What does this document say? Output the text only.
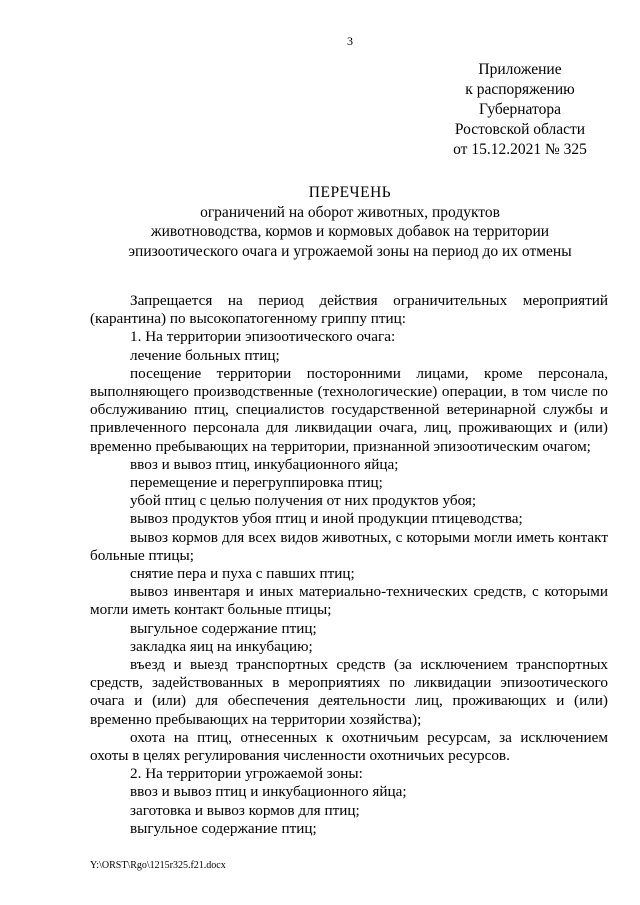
3
Приложение
к распоряжению
Губернатора
Ростовской области
от 15.12.2021 № 325
ПЕРЕЧЕНЬ
ограничений на оборот животных, продуктов
животноводства, кормов и кормовых добавок на территории
эпизоотического очага и угрожаемой зоны на период до их отмены

Запрещается на период действия ограничительных мероприятий (карантина) по высокопатогенному гриппу птиц:

1. На территории эпизоотического очага:

лечение больных птиц;

посещение территории посторонними лицами, кроме персонала, выполняющего производственные (технологические) операции, в том числе по обслуживанию птиц, специалистов государственной ветеринарной службы и привлеченного персонала для ликвидации очага, лиц, проживающих и (или) временно пребывающих на территории, признанной эпизоотическим очагом;

ввоз и вывоз птиц, инкубационного яйца;

перемещение и перегруппировка птиц;

убой птиц с целью получения от них продуктов убоя;

вывоз продуктов убоя птиц и иной продукции птицеводства;

вывоз кормов для всех видов животных, с которыми могли иметь контакт больные птицы;

снятие пера и пуха с павших птиц;

вывоз инвентаря и иных материально-технических средств, с которыми могли иметь контакт больные птицы;

выгульное содержание птиц;

закладка яиц на инкубацию;

въезд и выезд транспортных средств (за исключением транспортных средств, задействованных в мероприятиях по ликвидации эпизоотического очага и (или) для обеспечения деятельности лиц, проживающих и (или) временно пребывающих на территории хозяйства);

охота на птиц, отнесенных к охотничьим ресурсам, за исключением охоты в целях регулирования численности охотничьих ресурсов.

2. На территории угрожаемой зоны:

ввоз и вывоз птиц и инкубационного яйца;

заготовка и вывоз кормов для птиц;

выгульное содержание птиц;

Y:\ORST\Rgo\1215r325.f21.docx
